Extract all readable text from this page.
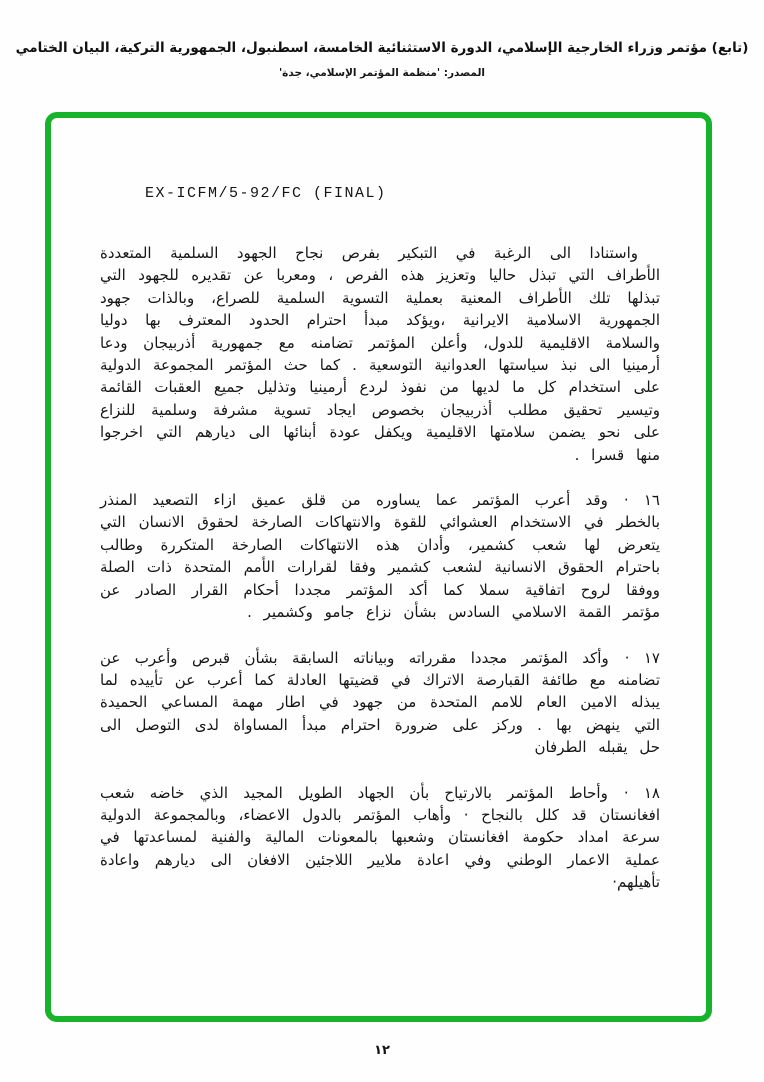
(تابع) مؤتمر وزراء الخارجية الإسلامي، الدورة الاستثنائية الخامسة، اسطنبول، الجمهورية التركية، البيان الختامي
المصدر: 'منظمة المؤتمر الإسلامي، جدة'
EX-ICFM/5-92/FC (FINAL)

واستنادا الى الرغبة في التبكير بفرص نجاح الجهود السلمية المتعددة الأطراف التي تبذل حاليا وتعزيز هذه الفرص ، ومعربا عن تقديره للجهود التي تبذلها تلك الأطراف المعنية بعملية التسوية السلمية للصراع، وبالذات جهود الجمهورية الاسلامية الايرانية ،ويؤكد مبدأ احترام الحدود المعترف بها دوليا والسلامة الاقليمية للدول، وأعلن المؤتمر تضامنه مع جمهورية أذربيجان ودعا أرمينيا الى نبذ سياستها العدوانية التوسعية . كما حث المؤتمر المجموعة الدولية على استخدام كل ما لديها من نفوذ لردع أرمينيا وتذليل جميع العقبات القائمة وتيسير تحقيق مطلب أذربيجان بخصوص ايجاد تسوية مشرفة وسلمية للنزاع على نحو يضمن سلامتها الاقليمية ويكفل عودة أبنائها الى ديارهم التي اخرجوا منها قسرا .

١٦ ·وقد أعرب المؤتمر عما يساوره من قلق عميق ازاء التصعيد المنذر بالخطر في الاستخدام العشوائي للقوة والانتهاكات الصارخة لحقوق الانسان التي يتعرض لها شعب كشمير، وأدان هذه الانتهاكات الصارخة المتكررة وطالب باحترام الحقوق الانسانية لشعب كشمير وفقا لقرارات الأمم المتحدة ذات الصلة ووفقا لروح اتفاقية سملا كما أكد المؤتمر مجددا أحكام القرار الصادر عن مؤتمر القمة الاسلامي السادس بشأن نزاع جامو وكشمير .

١٧ ·وأكد المؤتمر مجددا مقرراته وبياناته السابقة بشأن قبرص وأعرب عن تضامنه مع طائفة القبارصة الاتراك في قضيتها العادلة كما أعرب عن تأييده لما يبذله الامين العام للامم المتحدة من جهود في اطار مهمة المساعي الحميدة التي ينهض بها . وركز على ضرورة احترام مبدأ المساواة لدى التوصل الى حل يقبله الطرفان

١٨ ·وأحاط المؤتمر بالارتياح بأن الجهاد الطويل المجيد الذي خاضه شعب افغانستان قد كلل بالنجاح · وأهاب المؤتمر بالدول الاعضاء، وبالمجموعة الدولية سرعة امداد حكومة افغانستان وشعبها بالمعونات المالية والفنية لمساعدتها في عملية الاعمار الوطني وفي اعادة ملايير اللاجئين الافغان الى ديارهم واعادة تأهيلهم·

١٢
